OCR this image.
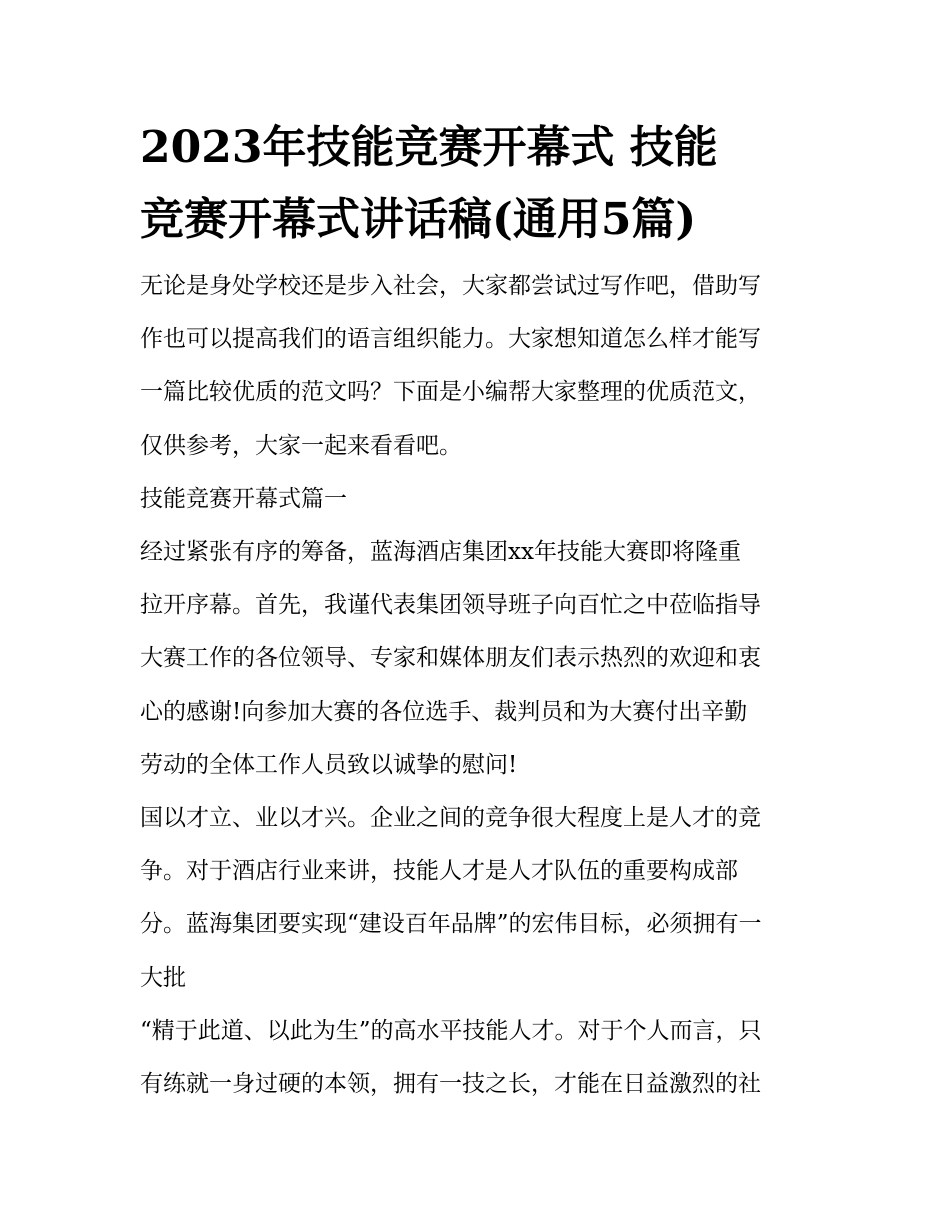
2023年技能竞赛开幕式 技能
竞赛开幕式讲话稿(通用5篇)

无论是身处学校还是步入社会，大家都尝试过写作吧，借助写
作也可以提高我们的语言组织能力。大家想知道怎么样才能写
一篇比较优质的范文吗？下面是小编帮大家整理的优质范文，
仅供参考，大家一起来看看吧。

技能竞赛开幕式篇一

经过紧张有序的筹备，蓝海酒店集团xx年技能大赛即将隆重
拉开序幕。首先，我谨代表集团领导班子向百忙之中莅临指导
大赛工作的各位领导、专家和媒体朋友们表示热烈的欢迎和衷
心的感谢!向参加大赛的各位选手、裁判员和为大赛付出辛勤
劳动的全体工作人员致以诚挚的慰问!

国以才立、业以才兴。企业之间的竞争很大程度上是人才的竞
争。对于酒店行业来讲，技能人才是人才队伍的重要构成部
分。蓝海集团要实现“建设百年品牌”的宏伟目标，必须拥有一
大批

“精于此道、以此为生”的高水平技能人才。对于个人而言，只
有练就一身过硬的本领，拥有一技之长，才能在日益激烈的社
